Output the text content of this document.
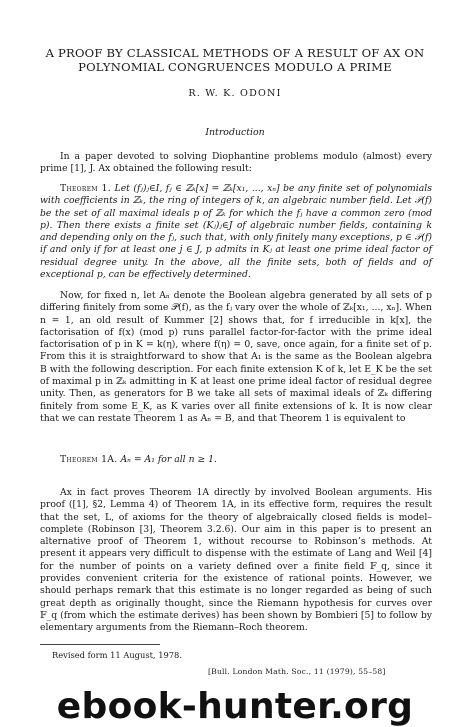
A PROOF BY CLASSICAL METHODS OF A RESULT OF AX ON POLYNOMIAL CONGRUENCES MODULO A PRIME
R. W. K. ODONI
Introduction
In a paper devoted to solving Diophantine problems modulo (almost) every prime [1], J. Ax obtained the following result:
Theorem 1. Let (fⱼ)ⱼ∈I, fⱼ ∈ ℤₖ[x] = ℤₖ[x₁, ..., xₙ] be any finite set of polynomials with coefficients in ℤₖ, the ring of integers of k, an algebraic number field. Let 𝒫(f) be the set of all maximal ideals p of ℤₖ for which the fⱼ have a common zero (mod p). Then there exists a finite set (Kⱼ)ⱼ∈J of algebraic number fields, containing k and depending only on the fⱼ, such that, with only finitely many exceptions, p ∈ 𝒫(f) if and only if for at least one j ∈ J, p admits in Kⱼ at least one prime ideal factor of residual degree unity. In the above, all the finite sets, both of fields and of exceptional p, can be effectively determined.
Now, for fixed n, let Aₙ denote the Boolean algebra generated by all sets of p differing finitely from some 𝒫(f), as the fⱼ vary over the whole of ℤₖ[x₁, ..., xₙ]. When n = 1, an old result of Kummer [2] shows that, for f irreducible in k[x], the factorisation of f(x) (mod p) runs parallel factor-for-factor with the prime ideal factorisation of p in K = k(η), where f(η) = 0, save, once again, for a finite set of p. From this it is straightforward to show that A₁ is the same as the Boolean algebra B with the following description. For each finite extension K of k, let E_K be the set of maximal p in ℤₖ admitting in K at least one prime ideal factor of residual degree unity. Then, as generators for B we take all sets of maximal ideals of ℤₖ differing finitely from some E_K, as K varies over all finite extensions of k. It is now clear that we can restate Theorem 1 as Aₙ = B, and that Theorem 1 is equivalent to
Theorem 1A. Aₙ = A₁ for all n ≥ 1.
Ax in fact proves Theorem 1A directly by involved Boolean arguments. His proof ([1], §2, Lemma 4) of Theorem 1A, in its effective form, requires the result that the set, L, of axioms for the theory of algebraically closed fields is model–complete (Robinson [3], Theorem 3.2.6). Our aim in this paper is to present an alternative proof of Theorem 1, without recourse to Robinson’s methods. At present it appears very difficult to dispense with the estimate of Lang and Weil [4] for the number of points on a variety defined over a finite field 𝔽_q, since it provides convenient criteria for the existence of rational points. However, we should perhaps remark that this estimate is no longer regarded as being of such great depth as originally thought, since the Riemann hypothesis for curves over 𝔽_q (from which the estimate derives) has been shown by Bombieri [5] to follow by elementary arguments from the Riemann–Roch theorem.
Revised form 11 August, 1978.
[Bull. London Math. Soc., 11 (1979), 55–58]
ebook-hunter.org
